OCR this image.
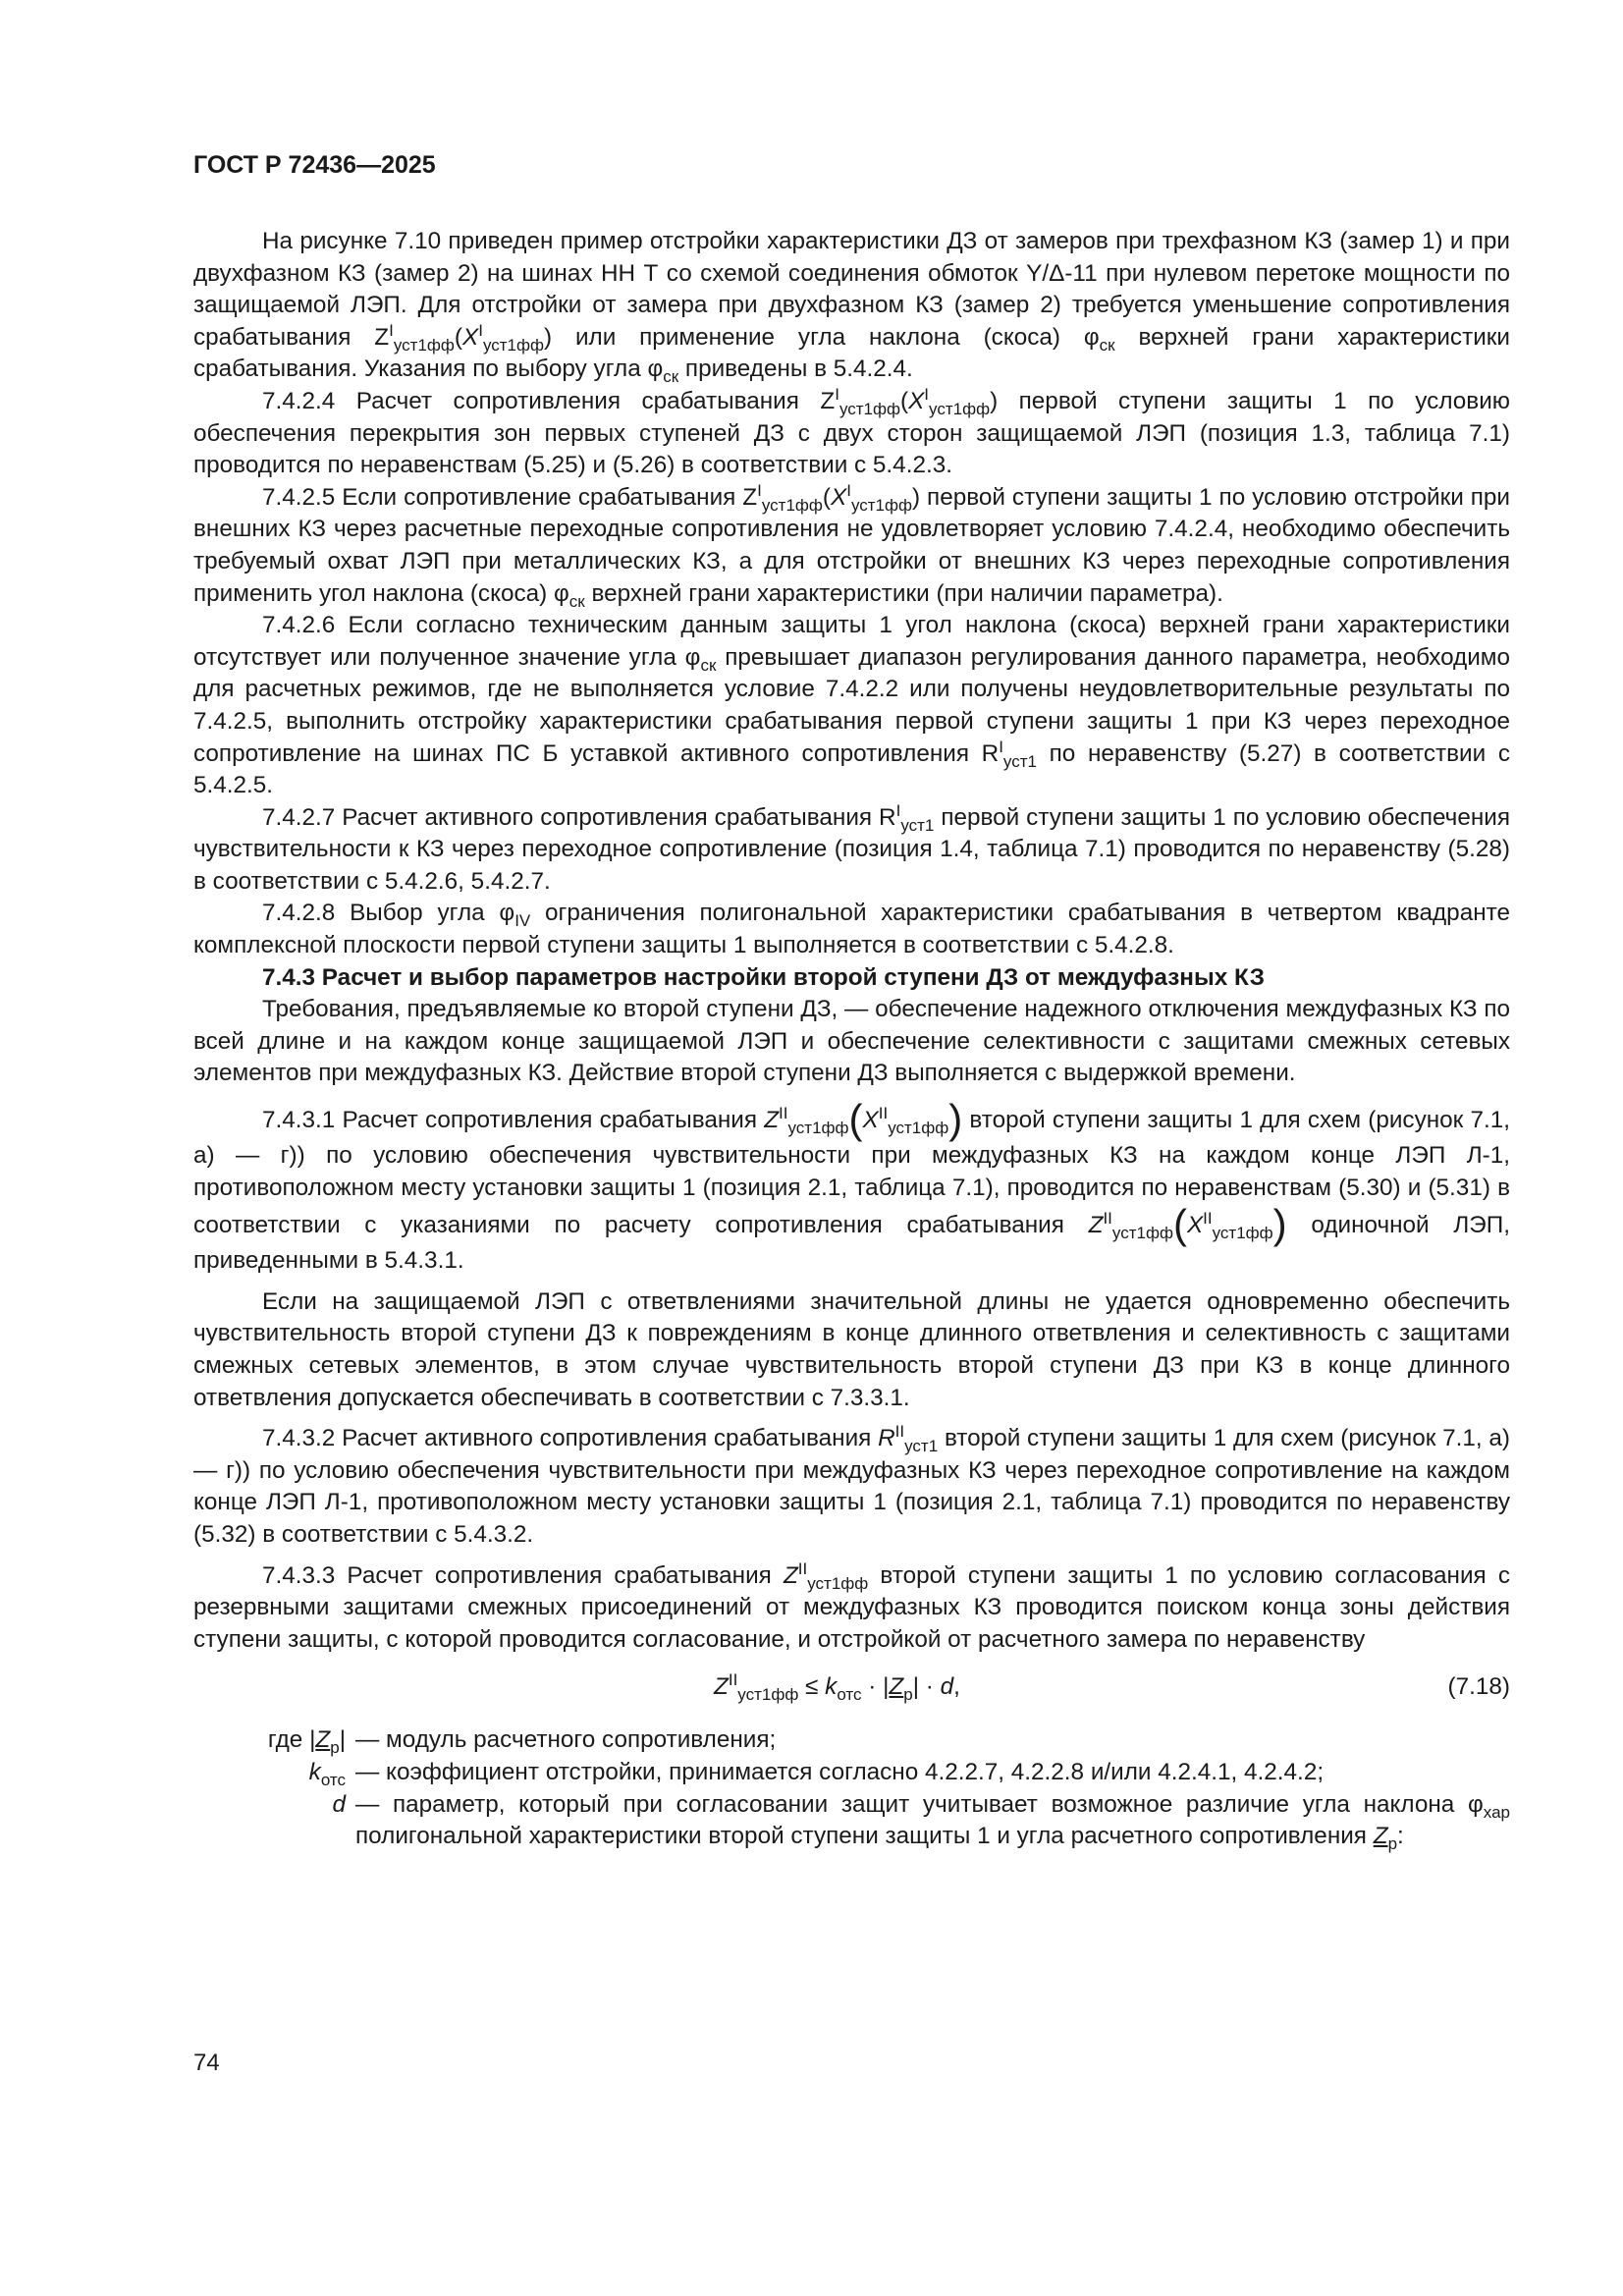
ГОСТ Р 72436—2025

На рисунке 7.10 приведен пример отстройки характеристики ДЗ от замеров при трехфазном КЗ (замер 1) и при двухфазном КЗ (замер 2) на шинах НН Т со схемой соединения обмоток Y/Δ-11 при нулевом перетоке мощности по защищаемой ЛЭП. Для отстройки от замера при двухфазном КЗ (замер 2) требуется уменьшение сопротивления срабатывания $Z^I_{уст1фф}(X^I_{уст1фф})$ или применение угла наклона (скоса) $\varphi_{ск}$ верхней грани характеристики срабатывания. Указания по выбору угла $\varphi_{ск}$ приведены в 5.4.2.4.

7.4.2.4 Расчет сопротивления срабатывания $Z^I_{уст1фф}(X^I_{уст1фф})$ первой ступени защиты 1 по условию обеспечения перекрытия зон первых ступеней ДЗ с двух сторон защищаемой ЛЭП (позиция 1.3, таблица 7.1) проводится по неравенствам (5.25) и (5.26) в соответствии с 5.4.2.3.

7.4.2.5 Если сопротивление срабатывания $Z^I_{уст1фф}(X^I_{уст1фф})$ первой ступени защиты 1 по условию отстройки при внешних КЗ через расчетные переходные сопротивления не удовлетворяет условию 7.4.2.4, необходимо обеспечить требуемый охват ЛЭП при металлических КЗ, а для отстройки от внешних КЗ через переходные сопротивления применить угол наклона (скоса) $\varphi_{ск}$ верхней грани характеристики (при наличии параметра).

7.4.2.6 Если согласно техническим данным защиты 1 угол наклона (скоса) верхней грани характеристики отсутствует или полученное значение угла $\varphi_{ск}$ превышает диапазон регулирования данного параметра, необходимо для расчетных режимов, где не выполняется условие 7.4.2.2 или получены неудовлетворительные результаты по 7.4.2.5, выполнить отстройку характеристики срабатывания первой ступени защиты 1 при КЗ через переходное сопротивление на шинах ПС Б уставкой активного сопротивления $R^I_{уст1}$ по неравенству (5.27) в соответствии с 5.4.2.5.

7.4.2.7 Расчет активного сопротивления срабатывания $R^I_{уст1}$ первой ступени защиты 1 по условию обеспечения чувствительности к КЗ через переходное сопротивление (позиция 1.4, таблица 7.1) проводится по неравенству (5.28) в соответствии с 5.4.2.6, 5.4.2.7.

7.4.2.8 Выбор угла $\varphi_{IV}$ ограничения полигональной характеристики срабатывания в четвертом квадранте комплексной плоскости первой ступени защиты 1 выполняется в соответствии с 5.4.2.8.

7.4.3 Расчет и выбор параметров настройки второй ступени ДЗ от междуфазных КЗ

Требования, предъявляемые ко второй ступени ДЗ, — обеспечение надежного отключения междуфазных КЗ по всей длине и на каждом конце защищаемой ЛЭП и обеспечение селективности с защитами смежных сетевых элементов при междуфазных КЗ. Действие второй ступени ДЗ выполняется с выдержкой времени.

7.4.3.1 Расчет сопротивления срабатывания $Z^{II}_{уст1фф}(X^{II}_{уст1фф})$ второй ступени защиты 1 для схем (рисунок 7.1, а) — г)) по условию обеспечения чувствительности при междуфазных КЗ на каждом конце ЛЭП Л-1, противоположном месту установки защиты 1 (позиция 2.1, таблица 7.1), проводится по неравенствам (5.30) и (5.31) в соответствии с указаниями по расчету сопротивления срабатывания $Z^{II}_{уст1фф}(X^{II}_{уст1фф})$ одиночной ЛЭП, приведенными в 5.4.3.1.

Если на защищаемой ЛЭП с ответвлениями значительной длины не удается одновременно обеспечить чувствительность второй ступени ДЗ к повреждениям в конце длинного ответвления и селективность с защитами смежных сетевых элементов, в этом случае чувствительность второй ступени ДЗ при КЗ в конце длинного ответвления допускается обеспечивать в соответствии с 7.3.3.1.

7.4.3.2 Расчет активного сопротивления срабатывания $R^{II}_{уст1}$ второй ступени защиты 1 для схем (рисунок 7.1, а) — г)) по условию обеспечения чувствительности при междуфазных КЗ через переходное сопротивление на каждом конце ЛЭП Л-1, противоположном месту установки защиты 1 (позиция 2.1, таблица 7.1) проводится по неравенству (5.32) в соответствии с 5.4.3.2.

7.4.3.3 Расчет сопротивления срабатывания $Z^{II}_{уст1фф}$ второй ступени защиты 1 по условию согласования с резервными защитами смежных присоединений от междуфазных КЗ проводится поиском конца зоны действия ступени защиты, с которой проводится согласование, и отстройкой от расчетного замера по неравенству

$Z^{II}_{уст1фф} \le k_{отс} \cdot |Z_р| \cdot d$,	(7.18)
где $|Z_р|$ — модуль расчетного сопротивления;
$k_{отс}$ — коэффициент отстройки, принимается согласно 4.2.2.7, 4.2.2.8 и/или 4.2.4.1, 4.2.4.2;
d — параметр, который при согласовании защит учитывает возможное различие угла наклона $\varphi_{хар}$ полигональной характеристики второй ступени защиты 1 и угла расчетного сопротивления $Z_р$:
74
